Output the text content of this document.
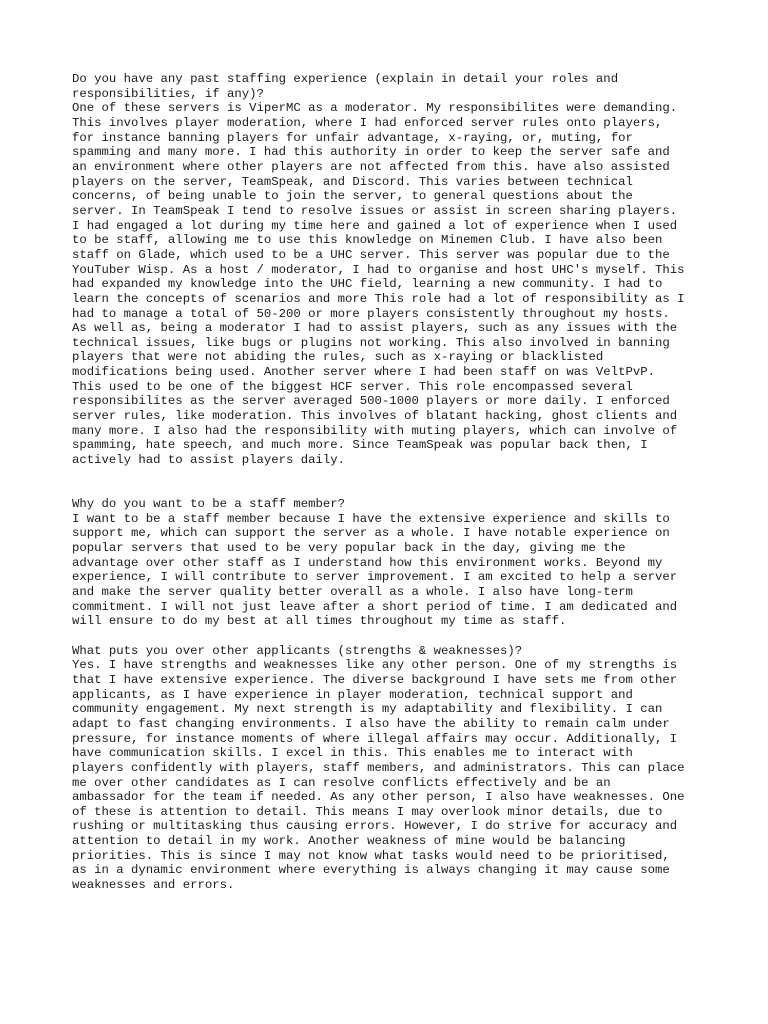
Do you have any past staffing experience (explain in detail your roles and
responsibilities, if any)?
One of these servers is ViperMC as a moderator. My responsibilites were demanding.
This involves player moderation, where I had enforced server rules onto players,
for instance banning players for unfair advantage, x-raying, or, muting, for
spamming and many more. I had this authority in order to keep the server safe and
an environment where other players are not affected from this. have also assisted
players on the server, TeamSpeak, and Discord. This varies between technical
concerns, of being unable to join the server, to general questions about the
server. In TeamSpeak I tend to resolve issues or assist in screen sharing players.
I had engaged a lot during my time here and gained a lot of experience when I used
to be staff, allowing me to use this knowledge on Minemen Club. I have also been
staff on Glade, which used to be a UHC server. This server was popular due to the
YouTuber Wisp. As a host / moderator, I had to organise and host UHC's myself. This
had expanded my knowledge into the UHC field, learning a new community. I had to
learn the concepts of scenarios and more This role had a lot of responsibility as I
had to manage a total of 50-200 or more players consistently throughout my hosts.
As well as, being a moderator I had to assist players, such as any issues with the
technical issues, like bugs or plugins not working. This also involved in banning
players that were not abiding the rules, such as x-raying or blacklisted
modifications being used. Another server where I had been staff on was VeltPvP.
This used to be one of the biggest HCF server. This role encompassed several
responsibilites as the server averaged 500-1000 players or more daily. I enforced
server rules, like moderation. This involves of blatant hacking, ghost clients and
many more. I also had the responsibility with muting players, which can involve of
spamming, hate speech, and much more. Since TeamSpeak was popular back then, I
actively had to assist players daily.
Why do you want to be a staff member?
I want to be a staff member because I have the extensive experience and skills to
support me, which can support the server as a whole. I have notable experience on
popular servers that used to be very popular back in the day, giving me the
advantage over other staff as I understand how this environment works. Beyond my
experience, I will contribute to server improvement. I am excited to help a server
and make the server quality better overall as a whole. I also have long-term
commitment. I will not just leave after a short period of time. I am dedicated and
will ensure to do my best at all times throughout my time as staff.
What puts you over other applicants (strengths & weaknesses)?
Yes. I have strengths and weaknesses like any other person. One of my strengths is
that I have extensive experience. The diverse background I have sets me from other
applicants, as I have experience in player moderation, technical support and
community engagement. My next strength is my adaptability and flexibility. I can
adapt to fast changing environments. I also have the ability to remain calm under
pressure, for instance moments of where illegal affairs may occur. Additionally, I
have communication skills. I excel in this. This enables me to interact with
players confidently with players, staff members, and administrators. This can place
me over other candidates as I can resolve conflicts effectively and be an
ambassador for the team if needed. As any other person, I also have weaknesses. One
of these is attention to detail. This means I may overlook minor details, due to
rushing or multitasking thus causing errors. However, I do strive for accuracy and
attention to detail in my work. Another weakness of mine would be balancing
priorities. This is since I may not know what tasks would need to be prioritised,
as in a dynamic environment where everything is always changing it may cause some
weaknesses and errors.
